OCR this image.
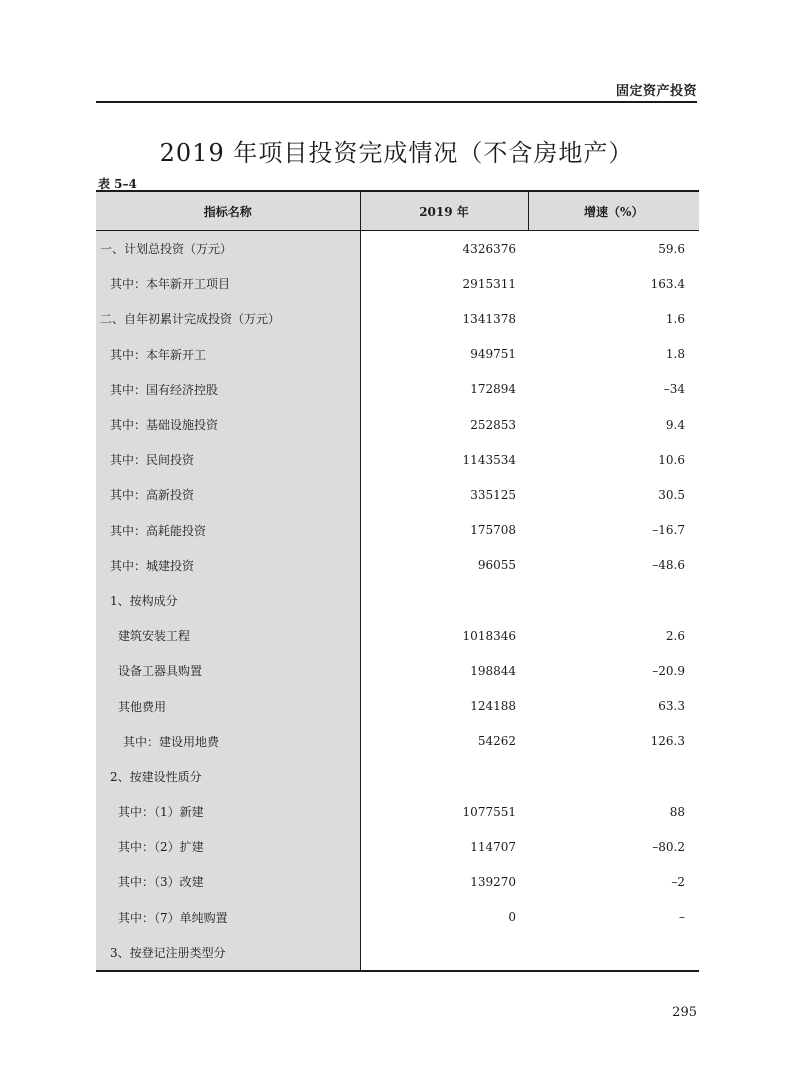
固定资产投资
2019 年项目投资完成情况（不含房地产）
表 5–4
指标名称	2019 年	增速（%）
一、计划总投资（万元）	4326376	59.6
其中：本年新开工项目	2915311	163.4
二、自年初累计完成投资（万元）	1341378	1.6
其中：本年新开工	949751	1.8
其中：国有经济控股	172894	–34
其中：基础设施投资	252853	9.4
其中：民间投资	1143534	10.6
其中：高新投资	335125	30.5
其中：高耗能投资	175708	–16.7
其中：城建投资	96055	–48.6
1、按构成分		
建筑安装工程	1018346	2.6
设备工器具购置	198844	–20.9
其他费用	124188	63.3
其中：建设用地费	54262	126.3
2、按建设性质分		
其中：（1）新建	1077551	88
其中：（2）扩建	114707	–80.2
其中：（3）改建	139270	–2
其中：（7）单纯购置	0	–
3、按登记注册类型分		
295
